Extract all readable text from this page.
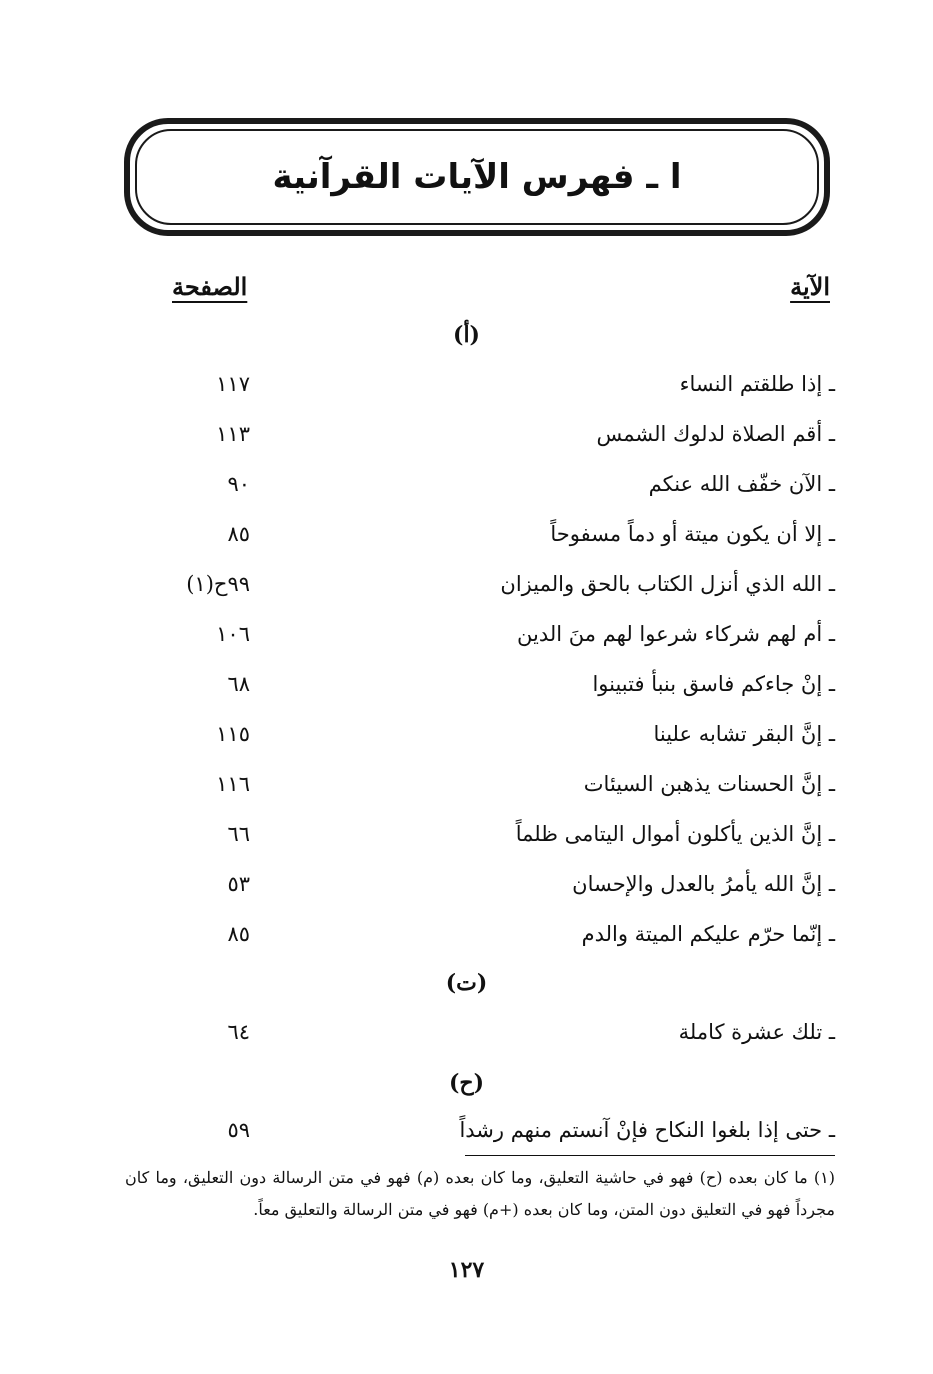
ا ـ فهرس الآيات القرآنية
الآية
الصفحة
(أ)
ـ إذا طلقتم النساء
١١٧
ـ أقم الصلاة لدلوك الشمس
١١٣
ـ الآن خفّف الله عنكم
٩٠
ـ إلا أن يكون ميتة أو دماً مسفوحاً
٨٥
ـ الله الذي أنزل الكتاب بالحق والميزان
٩٩ح(١)
ـ أم لهم شركاء شرعوا لهم منَ الدين
١٠٦
ـ إنْ جاءكم فاسق بنبأ فتبينوا
٦٨
ـ إنَّ البقر تشابه علينا
١١٥
ـ إنَّ الحسنات يذهبن السيئات
١١٦
ـ إنَّ الذين يأكلون أموال اليتامى ظلماً
٦٦
ـ إنَّ الله يأمرُ بالعدل والإحسان
٥٣
ـ إنّما حرّم عليكم الميتة والدم
٨٥
(ت)
ـ تلك عشرة كاملة
٦٤
(ح)
ـ حتى إذا بلغوا النكاح فإنْ آنستم منهم رشداً
٥٩
(١) ما كان بعده (ح) فهو في حاشية التعليق، وما كان بعده (م) فهو في متن الرسالة دون التعليق، وما كان مجرداً فهو في التعليق دون المتن، وما كان بعده (+م) فهو في متن الرسالة والتعليق معاً.
١٢٧
